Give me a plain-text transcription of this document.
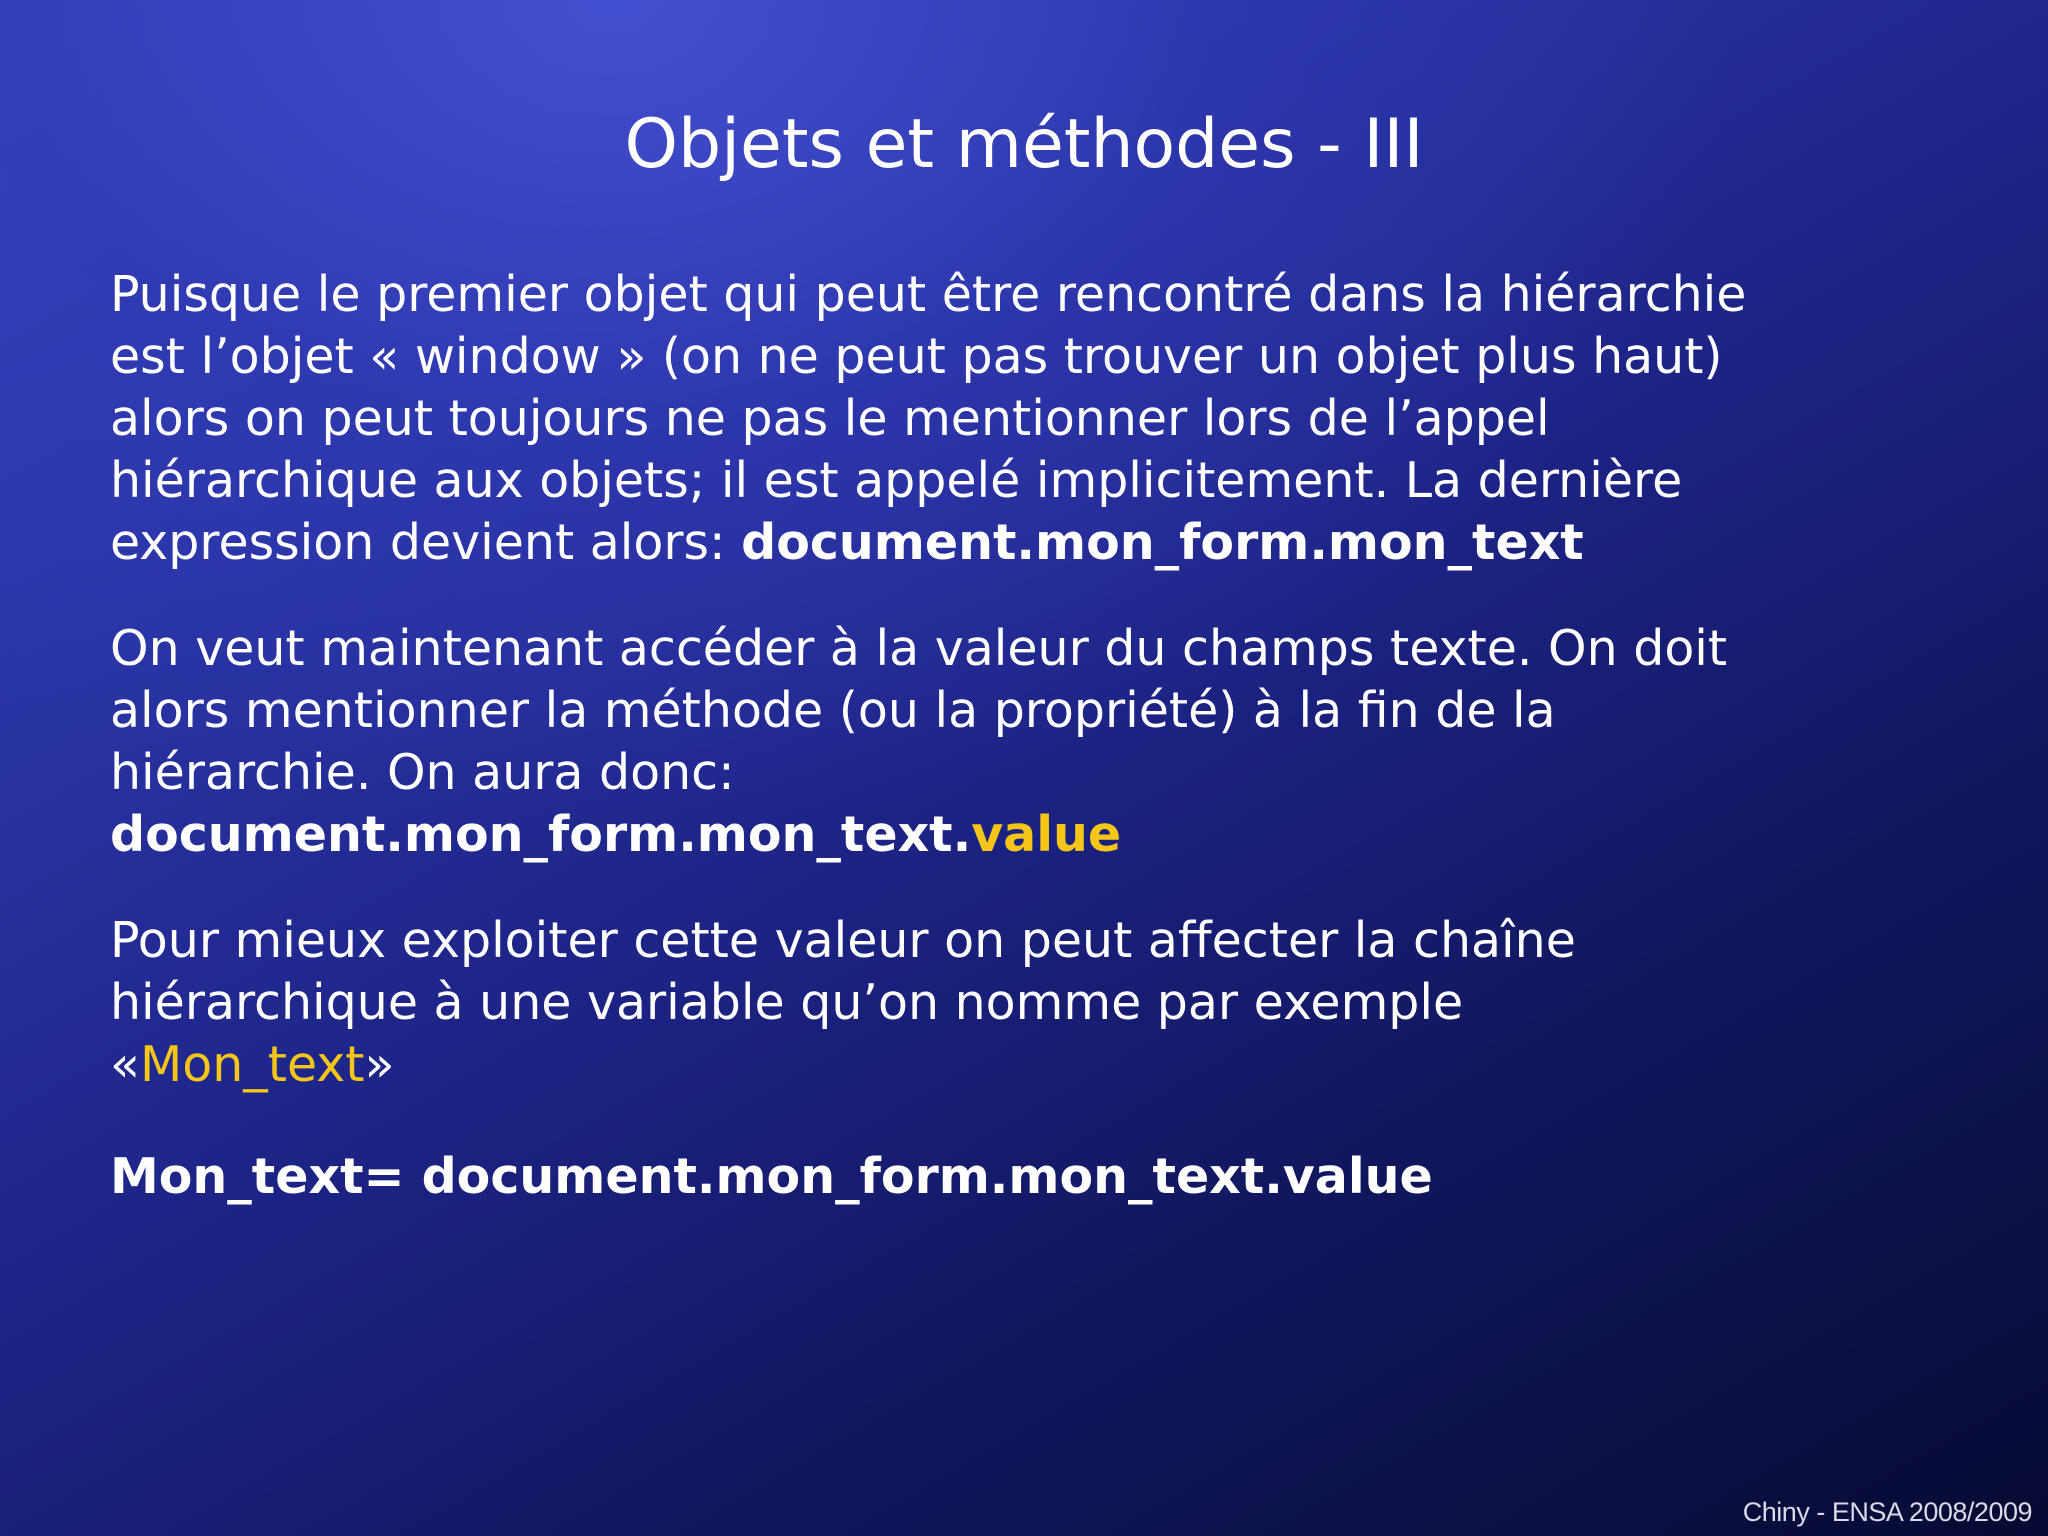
Objets et méthodes - III

Puisque le premier objet qui peut être rencontré dans la hiérarchie
est l’objet « window » (on ne peut pas trouver un objet plus haut)
alors on peut toujours ne pas le mentionner lors de l’appel
hiérarchique aux objets; il est appelé implicitement. La dernière
expression devient alors: document.mon_form.mon_text

On veut maintenant accéder à la valeur du champs texte. On doit
alors mentionner la méthode (ou la propriété) à la fin de la
hiérarchie. On aura donc:
document.mon_form.mon_text.value

Pour mieux exploiter cette valeur on peut affecter la chaîne
hiérarchique à une variable qu’on nomme par exemple
«Mon_text»

Mon_text= document.mon_form.mon_text.value
Chiny - ENSA 2008/2009
